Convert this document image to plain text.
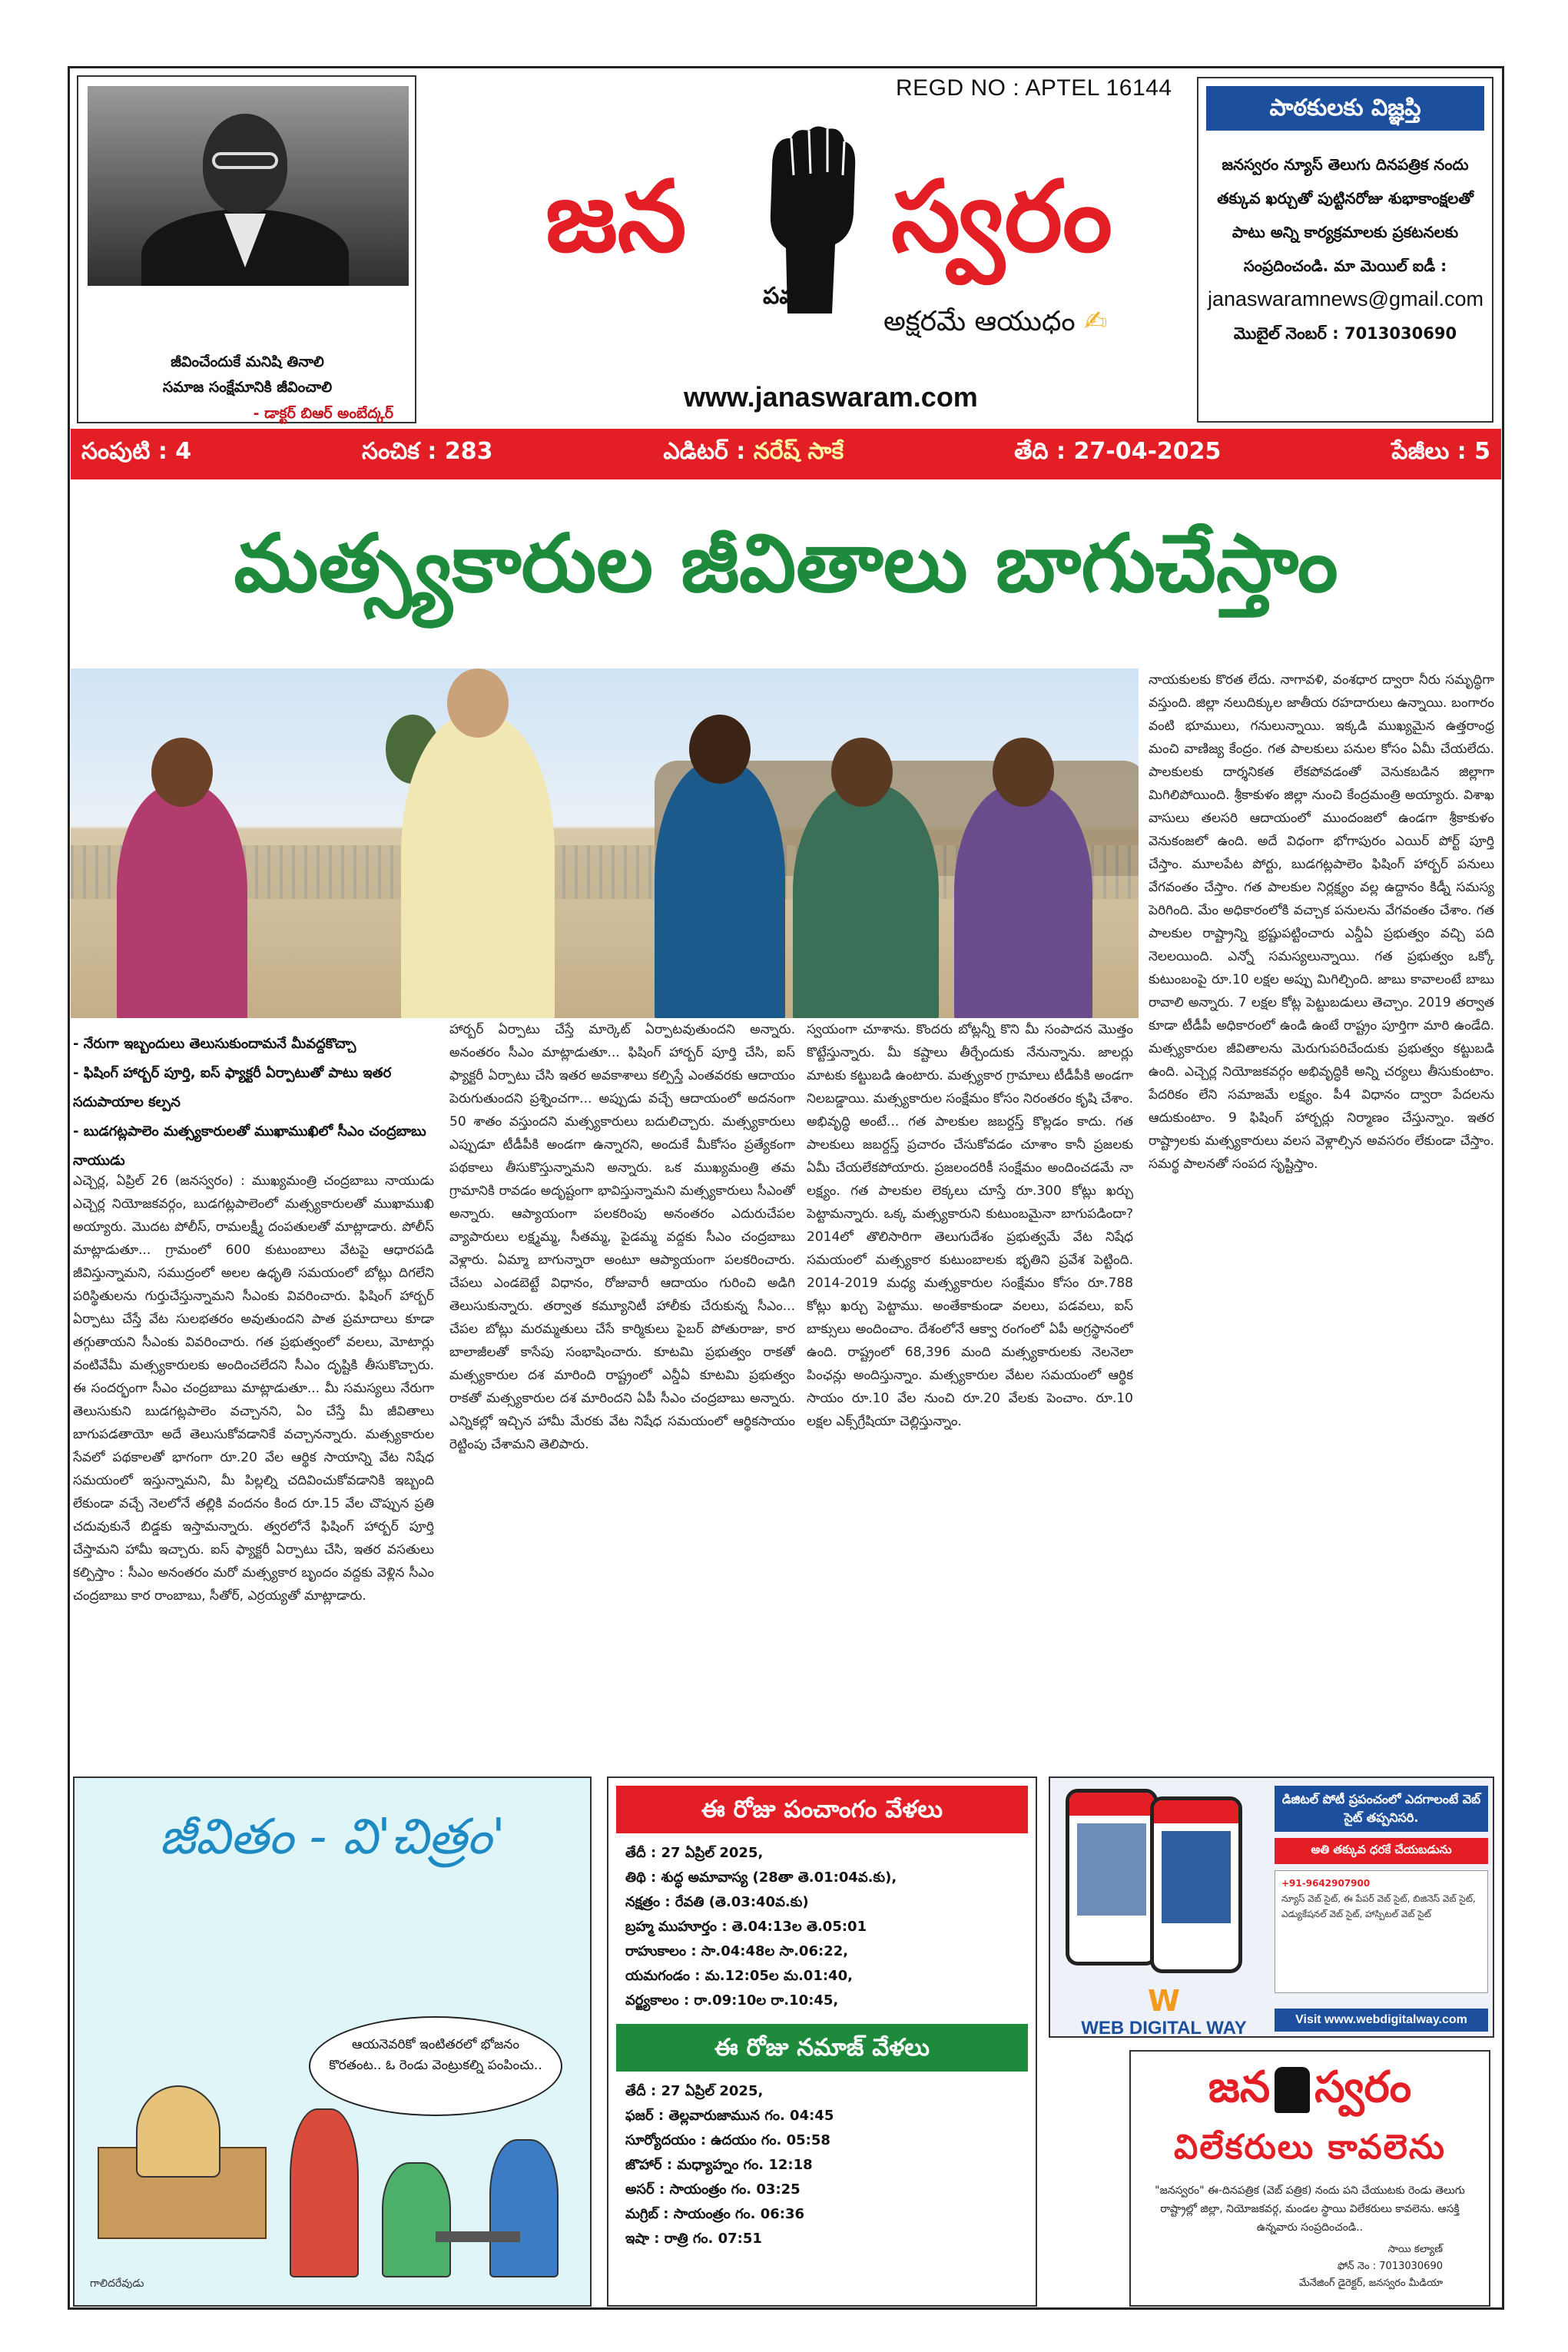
జీవించేందుకే మనిషి తినాలి
సమాజ సంక్షేమానికి జీవించాలి

- డాక్టర్ బిఆర్ అంబేద్కర్
REGD NO : APTEL 16144
జన
పవర్
స్వరం
అక్షరమే ఆయుధం ✍
www.janaswaram.com
పాఠకులకు విజ్ఞప్తి
జనస్వరం న్యూస్ తెలుగు దినపత్రిక నందు
తక్కువ ఖర్చుతో పుట్టినరోజు శుభాకాంక్షలతో
పాటు అన్ని కార్యక్రమాలకు ప్రకటనలకు
సంప్రదించండి. మా మెయిల్ ఐడీ :
janaswaramnews@gmail.com
మొబైల్ నెంబర్ : 7013030690
సంపుటి : 4	సంచిక : 283	ఎడిటర్ : నరేష్ సాకే	తేది : 27-04-2025	పేజీలు : 5
మత్స్యకారుల జీవితాలు బాగుచేస్తాం
- నేరుగా ఇబ్బందులు తెలుసుకుందామనే మీవద్దకొచ్చా
- ఫిషింగ్ హార్బర్ పూర్తి, ఐస్ ఫ్యాక్టరీ ఏర్పాటుతో పాటు ఇతర సదుపాయాల కల్పన
- బుడగట్లపాలెం మత్స్యకారులతో ముఖాముఖిలో సీఎం చంద్రబాబు నాయుడు

ఎచ్చెర్ల, ఏప్రిల్ 26 (జనస్వరం) : ముఖ్యమంత్రి చంద్రబాబు నాయుడు ఎచ్చెర్ల నియోజకవర్గం, బుడగట్లపాలెంలో మత్స్యకారులతో ముఖాముఖి అయ్యారు. మొదట పోలీస్, రామలక్ష్మీ దంపతులతో మాట్లాడారు. పోలీస్ మాట్లాడుతూ... గ్రామంలో 600 కుటుంబాలు వేటపై ఆధారపడి జీవిస్తున్నామని, సముద్రంలో అలల ఉధృతి సమయంలో బోట్లు దిగలేని పరిస్థితులను గుర్తుచేస్తున్నామని సీఎంకు వివరించారు. ఫిషింగ్ హార్బర్ ఏర్పాటు చేస్తే వేట సులభతరం అవుతుందని పాత ప్రమాదాలు కూడా తగ్గుతాయని సీఎంకు వివరించారు. గత ప్రభుత్వంలో వలలు, మోటార్లు వంటివేమీ మత్స్యకారులకు అందించలేదని సీఎం దృష్టికి తీసుకొచ్చారు. ఈ సందర్భంగా సీఎం చంద్రబాబు మాట్లాడుతూ... మీ సమస్యలు నేరుగా తెలుసుకుని బుడగట్లపాలెం వచ్చానని, ఏం చేస్తే మీ జీవితాలు బాగుపడతాయో అదే తెలుసుకోవడానికే వచ్చానన్నారు. మత్స్యకారుల సేవలో పథకాలతో భాగంగా రూ.20 వేల ఆర్థిక సాయాన్ని వేట నిషేధ సమయంలో ఇస్తున్నామని, మీ పిల్లల్ని చదివించుకోవడానికి ఇబ్బంది లేకుండా వచ్చే నెలలోనే తల్లికి వందనం కింద రూ.15 వేల చొప్పున ప్రతి చదువుకునే బిడ్డకు ఇస్తామన్నారు. త్వరలోనే ఫిషింగ్ హార్బర్ పూర్తి చేస్తామని హామీ ఇచ్చారు. ఐస్ ఫ్యాక్టరీ ఏర్పాటు చేసి, ఇతర వసతులు కల్పిస్తాం : సీఎం అనంతరం మరో మత్స్యకార బృందం వద్దకు వెళ్లిన సీఎం చంద్రబాబు కార రాంబాబు, సీతోర్, ఎర్రయ్యతో మాట్లాడారు.

హార్బర్ ఏర్పాటు చేస్తే మార్కెట్ ఏర్పాటవుతుందని అన్నారు. అనంతరం సీఎం మాట్లాడుతూ... ఫిషింగ్ హార్బర్ పూర్తి చేసి, ఐస్ ఫ్యాక్టరీ ఏర్పాటు చేసి ఇతర అవకాశాలు కల్పిస్తే ఎంతవరకు ఆదాయం పెరుగుతుందని ప్రశ్నించగా... అప్పుడు వచ్చే ఆదాయంలో అదనంగా 50 శాతం వస్తుందని మత్స్యకారులు బదులిచ్చారు. మత్స్యకారులు ఎప్పుడూ టీడీపీకి అండగా ఉన్నారని, అందుకే మీకోసం ప్రత్యేకంగా పథకాలు తీసుకొస్తున్నామని అన్నారు. ఒక ముఖ్యమంత్రి తమ గ్రామానికి రావడం అదృష్టంగా భావిస్తున్నామని మత్స్యకారులు సీఎంతో అన్నారు. ఆప్యాయంగా పలకరింపు అనంతరం ఎదురుచేపల వ్యాపారులు లక్ష్మమ్మ, సీతమ్మ, పైడమ్మ వద్దకు సీఎం చంద్రబాబు వెళ్లారు. ఏమ్మా బాగున్నారా అంటూ ఆప్యాయంగా పలకరించారు. చేపలు ఎండబెట్టే విధానం, రోజువారీ ఆదాయం గురించి అడిగి తెలుసుకున్నారు. తర్వాత కమ్యూనిటీ హాలీకు చేరుకున్న సీఎం... చేపల బోట్లు మరమ్మతులు చేసే కార్మికులు పైబర్ పోతురాజు, కార బాలాజీలతో కాసేపు సంభాషించారు. కూటమి ప్రభుత్వం రాకతో మత్స్యకారుల దశ మారింది రాష్ట్రంలో ఎన్డీఏ కూటమి ప్రభుత్వం రాకతో మత్స్యకారుల దశ మారిందని ఏపీ సీఎం చంద్రబాబు అన్నారు. ఎన్నికల్లో ఇచ్చిన హామీ మేరకు వేట నిషేధ సమయంలో ఆర్థికసాయం రెట్టింపు చేశామని తెలిపారు.

స్వయంగా చూశాను. కొందరు బోట్లన్నీ కొని మీ సంపాదన మొత్తం కొట్టేస్తున్నారు. మీ కష్టాలు తీర్చేందుకు నేనున్నాను. జాలర్లు మాటకు కట్టుబడి ఉంటారు. మత్స్యకార గ్రామాలు టీడీపీకి అండగా నిలబడ్డాయి. మత్స్యకారుల సంక్షేమం కోసం నిరంతరం కృషి చేశాం. అభివృద్ధి అంటే... గత పాలకుల జబర్దస్త్ కొల్లడం కాదు. గత పాలకులు జబర్దస్త్ ప్రచారం చేసుకోవడం చూశాం కానీ ప్రజలకు ఏమీ చేయలేకపోయారు. ప్రజలందరికీ సంక్షేమం అందించడమే నా లక్ష్యం. గత పాలకుల లెక్కలు చూస్తే రూ.300 కోట్లు ఖర్చు పెట్టామన్నారు. ఒక్క మత్స్యకారుని కుటుంబమైనా బాగుపడిందా? 2014లో తొలిసారిగా తెలుగుదేశం ప్రభుత్వమే వేట నిషేధ సమయంలో మత్స్యకార కుటుంబాలకు భృతిని ప్రవేశ పెట్టింది. 2014-2019 మధ్య మత్స్యకారుల సంక్షేమం కోసం రూ.788 కోట్లు ఖర్చు పెట్టాము. అంతేకాకుండా వలలు, పడవలు, ఐస్ బాక్సులు అందించాం. దేశంలోనే ఆక్వా రంగంలో ఏపీ అగ్రస్థానంలో ఉంది. రాష్ట్రంలో 68,396 మంది మత్స్యకారులకు నెలనెలా పింఛన్లు అందిస్తున్నాం. మత్స్యకారుల వేటల సమయంలో ఆర్థిక సాయం రూ.10 వేల నుంచి రూ.20 వేలకు పెంచాం. రూ.10 లక్షల ఎక్స్‌గ్రేషియా చెల్లిస్తున్నాం.

నాయకులకు కొరత లేదు. నాగావళి, వంశధార ద్వారా నీరు సమృద్ధిగా వస్తుంది. జిల్లా నలుదిక్కుల జాతీయ రహదారులు ఉన్నాయి. బంగారం వంటి భూములు, గనులున్నాయి. ఇక్కడి ముఖ్యమైన ఉత్తరాంధ్ర మంచి వాణిజ్య కేంద్రం. గత పాలకులు పనుల కోసం ఏమీ చేయలేదు. పాలకులకు దార్శనికత లేకపోవడంతో వెనుకబడిన జిల్లాగా మిగిలిపోయింది. శ్రీకాకుళం జిల్లా నుంచి కేంద్రమంత్రి అయ్యారు. విశాఖ వాసులు తలసరి ఆదాయంలో ముందంజలో ఉండగా శ్రీకాకుళం వెనుకంజలో ఉంది. అదే విధంగా భోగాపురం ఎయిర్ పోర్ట్ పూర్తి చేస్తాం. మూలపేట పోర్టు, బుడగట్లపాలెం ఫిషింగ్ హార్బర్ పనులు వేగవంతం చేస్తాం. గత పాలకుల నిర్లక్ష్యం వల్ల ఉద్దానం కిడ్నీ సమస్య పెరిగింది. మేం అధికారంలోకి వచ్చాక పనులను వేగవంతం చేశాం. గత పాలకుల రాష్ట్రాన్ని భ్రష్టుపట్టించారు ఎన్డీఏ ప్రభుత్వం వచ్చి పది నెలలయింది. ఎన్నో సమస్యలున్నాయి. గత ప్రభుత్వం ఒక్కో కుటుంబంపై రూ.10 లక్షల అప్పు మిగిల్చింది. జాబు కావాలంటే బాబు రావాలి అన్నారు. 7 లక్షల కోట్ల పెట్టుబడులు తెచ్చాం. 2019 తర్వాత కూడా టీడీపీ అధికారంలో ఉండి ఉంటే రాష్ట్రం పూర్తిగా మారి ఉండేది. మత్స్యకారుల జీవితాలను మెరుగుపరిచేందుకు ప్రభుత్వం కట్టుబడి ఉంది. ఎచ్చెర్ల నియోజకవర్గం అభివృద్ధికి అన్ని చర్యలు తీసుకుంటాం. పేదరికం లేని సమాజమే లక్ష్యం. పీ4 విధానం ద్వారా పేదలను ఆదుకుంటాం. 9 ఫిషింగ్ హార్బర్లు నిర్మాణం చేస్తున్నాం. ఇతర రాష్ట్రాలకు మత్స్యకారులు వలస వెళ్లాల్సిన అవసరం లేకుండా చేస్తాం. సమర్థ పాలనతో సంపద సృష్టిస్తాం.

జీవితం - వి'చిత్రం'
ఆయనెవరికో ఇంటితరలో భోజనం కొరతంట.. ఓ రెండు వెంట్రుకల్ని పంపించు..
గాలిదరేవుడు
ఈ రోజు పంచాంగం వేళలు
తేదీ : 27 ఏప్రిల్ 2025,
తిథి : శుద్ధ అమావాస్య (28తా తె.01:04వ.కు),
నక్షత్రం : రేవతి (తె.03:40వ.కు)
బ్రహ్మ ముహూర్తం : తె.04:13ల తె.05:01
రాహుకాలం : సా.04:48ల సా.06:22,
యమగండం : మ.12:05ల మ.01:40,
వర్జ్యకాలం : రా.09:10ల రా.10:45,
ఈ రోజు నమాజ్ వేళలు
తేదీ : 27 ఏప్రిల్ 2025,
ఫజర్ : తెల్లవారుజామున గం. 04:45
సూర్యోదయం : ఉదయం గం. 05:58
జొహార్ : మధ్యాహ్నం గం. 12:18
అసర్ : సాయంత్రం గం. 03:25
మగ్రిబ్ : సాయంత్రం గం. 06:36
ఇషా : రాత్రి గం. 07:51
W
WEB DIGITAL WAY
డిజిటల్ పోటీ ప్రపంచంలో ఎదగాలంటే వెబ్ సైట్ తప్పనిసరి.
అతి తక్కువ ధరకే చేయబడును
+91-9642907900
న్యూస్ వెబ్ సైట్, ఈ పేపర్ వెబ్ సైట్, బిజినెస్ వెబ్ సైట్, ఎడ్యుకేషనల్ వెబ్ సైట్, హాస్పిటల్ వెబ్ సైట్
Visit www.webdigitalway.com
జన స్వరం
విలేకరులు కావలెను
"జనస్వరం" ఈ-దినపత్రిక (వెబ్ పత్రిక) నందు పని చేయుటకు రెండు తెలుగు రాష్ట్రాల్లో జిల్లా, నియోజకవర్గ, మండల స్థాయి విలేకరులు కావలెను. ఆసక్తి ఉన్నవారు సంప్రదించండి..
సాయి కల్యాణ్
ఫోన్ నెం : 7013030690
మేనేజింగ్ డైరెక్టర్, జనస్వరం మీడియా
